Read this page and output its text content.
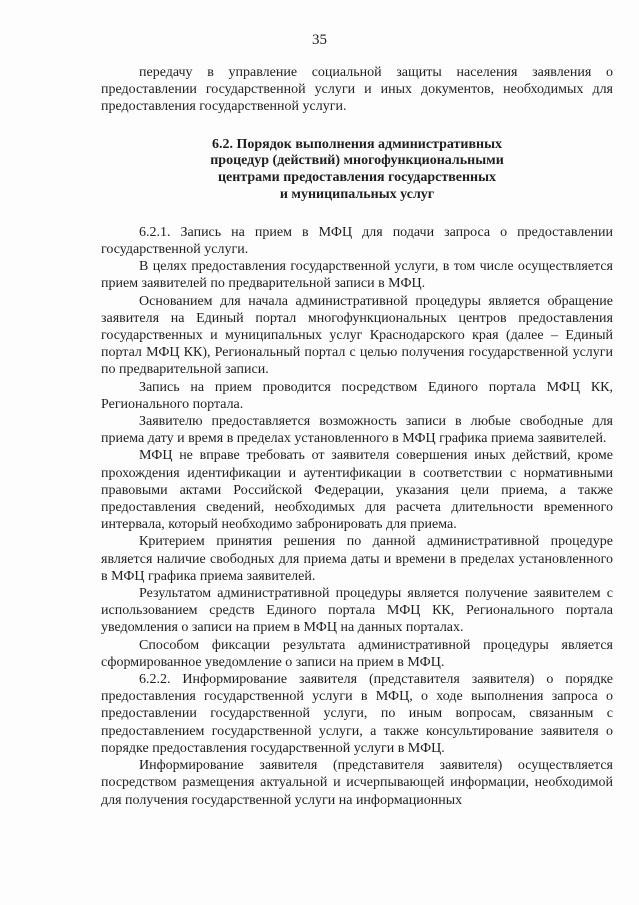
35

передачу в управление социальной защиты населения заявления о предоставлении государственной услуги и иных документов, необходимых для предоставления государственной услуги.

6.2. Порядок выполнения административных
процедур (действий) многофункциональными
центрами предоставления государственных
и муниципальных услуг

6.2.1. Запись на прием в МФЦ для подачи запроса о предоставлении государственной услуги.

В целях предоставления государственной услуги, в том числе осуществляется прием заявителей по предварительной записи в МФЦ.

Основанием для начала административной процедуры является обращение заявителя на Единый портал многофункциональных центров предоставления государственных и муниципальных услуг Краснодарского края (далее – Единый портал МФЦ КК), Региональный портал с целью получения государственной услуги по предварительной записи.

Запись на прием проводится посредством Единого портала МФЦ КК, Регионального портала.

Заявителю предоставляется возможность записи в любые свободные для приема дату и время в пределах установленного в МФЦ графика приема заявителей.

МФЦ не вправе требовать от заявителя совершения иных действий, кроме прохождения идентификации и аутентификации в соответствии с нормативными правовыми актами Российской Федерации, указания цели приема, а также предоставления сведений, необходимых для расчета длительности временного интервала, который необходимо забронировать для приема.

Критерием принятия решения по данной административной процедуре является наличие свободных для приема даты и времени в пределах установленного в МФЦ графика приема заявителей.

Результатом административной процедуры является получение заявителем с использованием средств Единого портала МФЦ КК, Регионального портала уведомления о записи на прием в МФЦ на данных порталах.

Способом фиксации результата административной процедуры является сформированное уведомление о записи на прием в МФЦ.

6.2.2. Информирование заявителя (представителя заявителя) о порядке предоставления государственной услуги в МФЦ, о ходе выполнения запроса о предоставлении государственной услуги, по иным вопросам, связанным с предоставлением государственной услуги, а также консультирование заявителя о порядке предоставления государственной услуги в МФЦ.

Информирование заявителя (представителя заявителя) осуществляется посредством размещения актуальной и исчерпывающей информации, необходимой для получения государственной услуги на информационных
